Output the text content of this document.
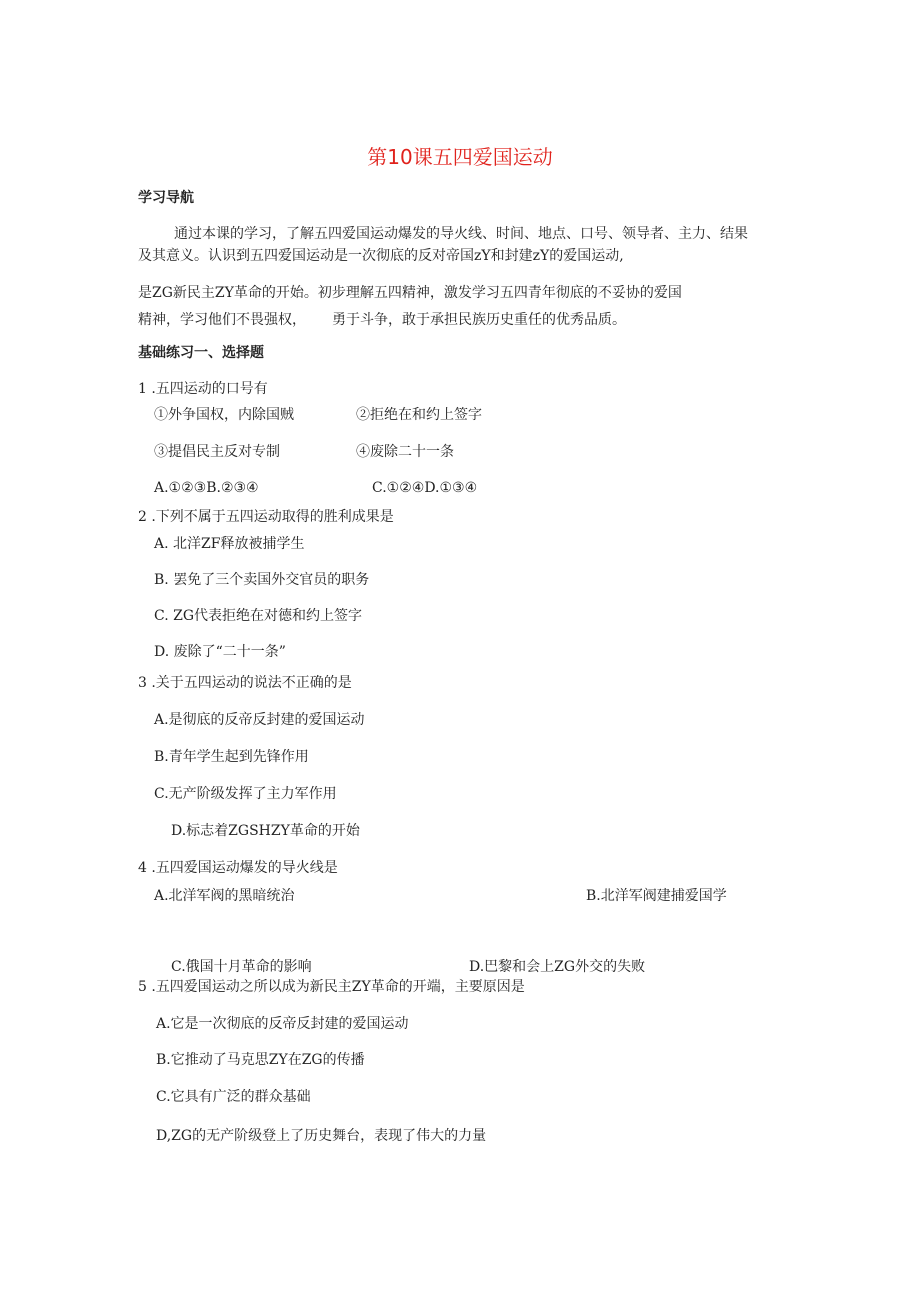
第10课五四爱国运动
学习导航
通过本课的学习，了解五四爱国运动爆发的导火线、时间、地点、口号、领导者、主力、结果
及其意义。认识到五四爱国运动是一次彻底的反对帝国zY和封建zY的爱国运动,
是ZG新民主ZY革命的开始。初步理解五四精神，激发学习五四青年彻底的不妥协的爱国
精神，学习他们不畏强权， 勇于斗争，敢于承担民族历史重任的优秀品质。
基础练习一、选择题
1 .五四运动的口号有
①外争国权，内除国贼	②拒绝在和约上签字
③提倡民主反对专制	④废除二十一条
A.①②③B.②③④	C.①②④D.①③④
2 .下列不属于五四运动取得的胜利成果是
A. 北洋ZF释放被捕学生
B. 罢免了三个卖国外交官员的职务
C. ZG代表拒绝在对德和约上签字
D. 废除了“二十一条”
3 .关于五四运动的说法不正确的是
A.是彻底的反帝反封建的爱国运动
B.青年学生起到先锋作用
C.无产阶级发挥了主力军作用
D.标志着ZGSHZY革命的开始
4 .五四爱国运动爆发的导火线是
A.北洋军阀的黑暗统治	B.北洋军阀建捕爱国学
C.俄国十月革命的影响	D.巴黎和会上ZG外交的失败
5 .五四爱国运动之所以成为新民主ZY革命的开端，主要原因是
A.它是一次彻底的反帝反封建的爱国运动
B.它推动了马克思ZY在ZG的传播
C.它具有广泛的群众基础
D,ZG的无产阶级登上了历史舞台，表现了伟大的力量
